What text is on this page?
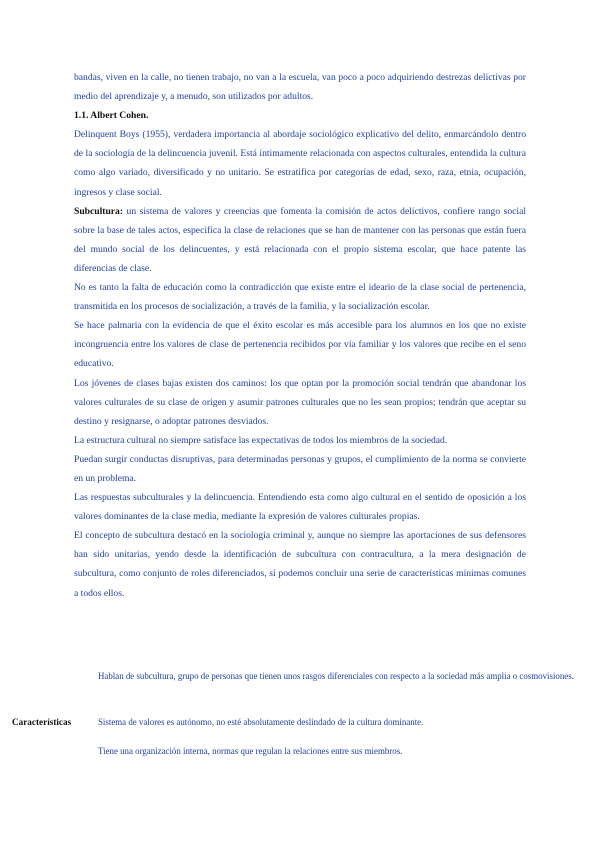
bandas, viven en la calle, no tienen trabajo, no van a la escuela, van poco a poco adquiriendo destrezas delictivas por medio del aprendizaje y, a menudo, son utilizados por adultos.

1.1. Albert Cohen.

Delinquent Boys (1955), verdadera importancia al abordaje sociológico explicativo del delito, enmarcándolo dentro de la sociología de la delincuencia juvenil. Está íntimamente relacionada con aspectos culturales, entendida la cultura como algo variado, diversificado y no unitario. Se estratifica por categorías de edad, sexo, raza, etnia, ocupación, ingresos y clase social.

Subcultura: un sistema de valores y creencias que fomenta la comisión de actos delictivos, confiere rango social sobre la base de tales actos, especifica la clase de relaciones que se han de mantener con las personas que están fuera del mundo social de los delincuentes, y está relacionada con el propio sistema escolar, que hace patente las diferencias de clase.

No es tanto la falta de educación como la contradicción que existe entre el ideario de la clase social de pertenencia, transmitida en los procesos de socialización, a través de la familia, y la socialización escolar.

Se hace palmaria con la evidencia de que el éxito escolar es más accesible para los alumnos en los que no existe incongruencia entre los valores de clase de pertenencia recibidos por vía familiar y los valores que recibe en el seno educativo.

Los jóvenes de clases bajas existen dos caminos: los que optan por la promoción social tendrán que abandonar los valores culturales de su clase de origen y asumir patrones culturales que no les sean propios; tendrán que aceptar su destino y resignarse, o adoptar patrones desviados.

La estructura cultural no siempre satisface las expectativas de todos los miembros de la sociedad.

Puedan surgir conductas disruptivas, para determinadas personas y grupos, el cumplimiento de la norma se convierte en un problema.

Las respuestas subculturales y la delincuencia. Entendiendo esta como algo cultural en el sentido de oposición a los valores dominantes de la clase media, mediante la expresión de valores culturales propias.

El concepto de subcultura destacó en la sociología criminal y, aunque no siempre las aportaciones de sus defensores han sido unitarias, yendo desde la identificación de subcultura con contracultura, a la mera designación de subcultura, como conjunto de roles diferenciados, sí podemos concluir una serie de características mínimas comunes a todos ellos.

Características
Hablan de subcultura, grupo de personas que tienen unos rasgos diferenciales con respecto a la sociedad más amplia o cosmovisiones.
Sistema de valores es autónomo, no esté absolutamente deslindado de la cultura dominante.
Tiene una organización interna, normas que regulan la relaciones entre sus miembros.
